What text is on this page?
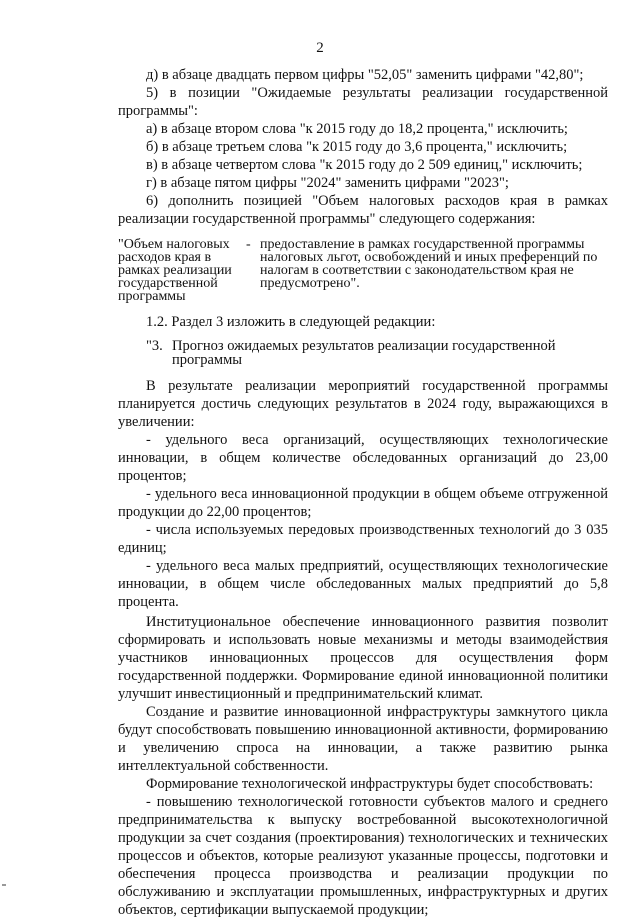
2

д) в абзаце двадцать первом цифры "52,05" заменить цифрами "42,80";

5) в позиции "Ожидаемые результаты реализации государственной

программы":

а) в абзаце втором слова "к 2015 году до 18,2 процента," исключить;

б) в абзаце третьем слова "к 2015 году до 3,6 процента," исключить;

в) в абзаце четвертом слова "к 2015 году до 2 509 единиц," исключить;

г) в абзаце пятом цифры "2024" заменить цифрами "2023";

6) дополнить позицией "Объем налоговых расходов края в рамках

реализации государственной программы" следующего содержания:

"Объем налоговых расходов края в рамках реализации государственной программы
- предоставление в рамках государственной программы налоговых льгот, освобождений и иных преференций по налогам в соответствии с законодательством края не предусмотрено".

1.2. Раздел 3 изложить в следующей редакции:

"3. Прогноз ожидаемых результатов реализации государственной программы

В результате реализации мероприятий государственной программы планируется достичь следующих результатов в 2024 году, выражающихся в увеличении:

- удельного веса организаций, осуществляющих технологические инновации, в общем количестве обследованных организаций до 23,00 процентов;

- удельного веса инновационной продукции в общем объеме отгруженной продукции до 22,00 процентов;

- числа используемых передовых производственных технологий до 3 035 единиц;

- удельного веса малых предприятий, осуществляющих технологические инновации, в общем числе обследованных малых предприятий до 5,8 процента.

Институциональное обеспечение инновационного развития позволит сформировать и использовать новые механизмы и методы взаимодействия участников инновационных процессов для осуществления форм государственной поддержки. Формирование единой инновационной политики улучшит инвестиционный и предпринимательский климат.

Создание и развитие инновационной инфраструктуры замкнутого цикла будут способствовать повышению инновационной активности, формированию и увеличению спроса на инновации, а также развитию рынка интеллектуальной собственности.

Формирование технологической инфраструктуры будет способствовать:

- повышению технологической готовности субъектов малого и среднего предпринимательства к выпуску востребованной высокотехнологичной продукции за счет создания (проектирования) технологических и технических процессов и объектов, которые реализуют указанные процессы, подготовки и обеспечения процесса производства и реализации продукции по обслуживанию и эксплуатации промышленных, инфраструктурных и других объектов, сертификации выпускаемой продукции;
